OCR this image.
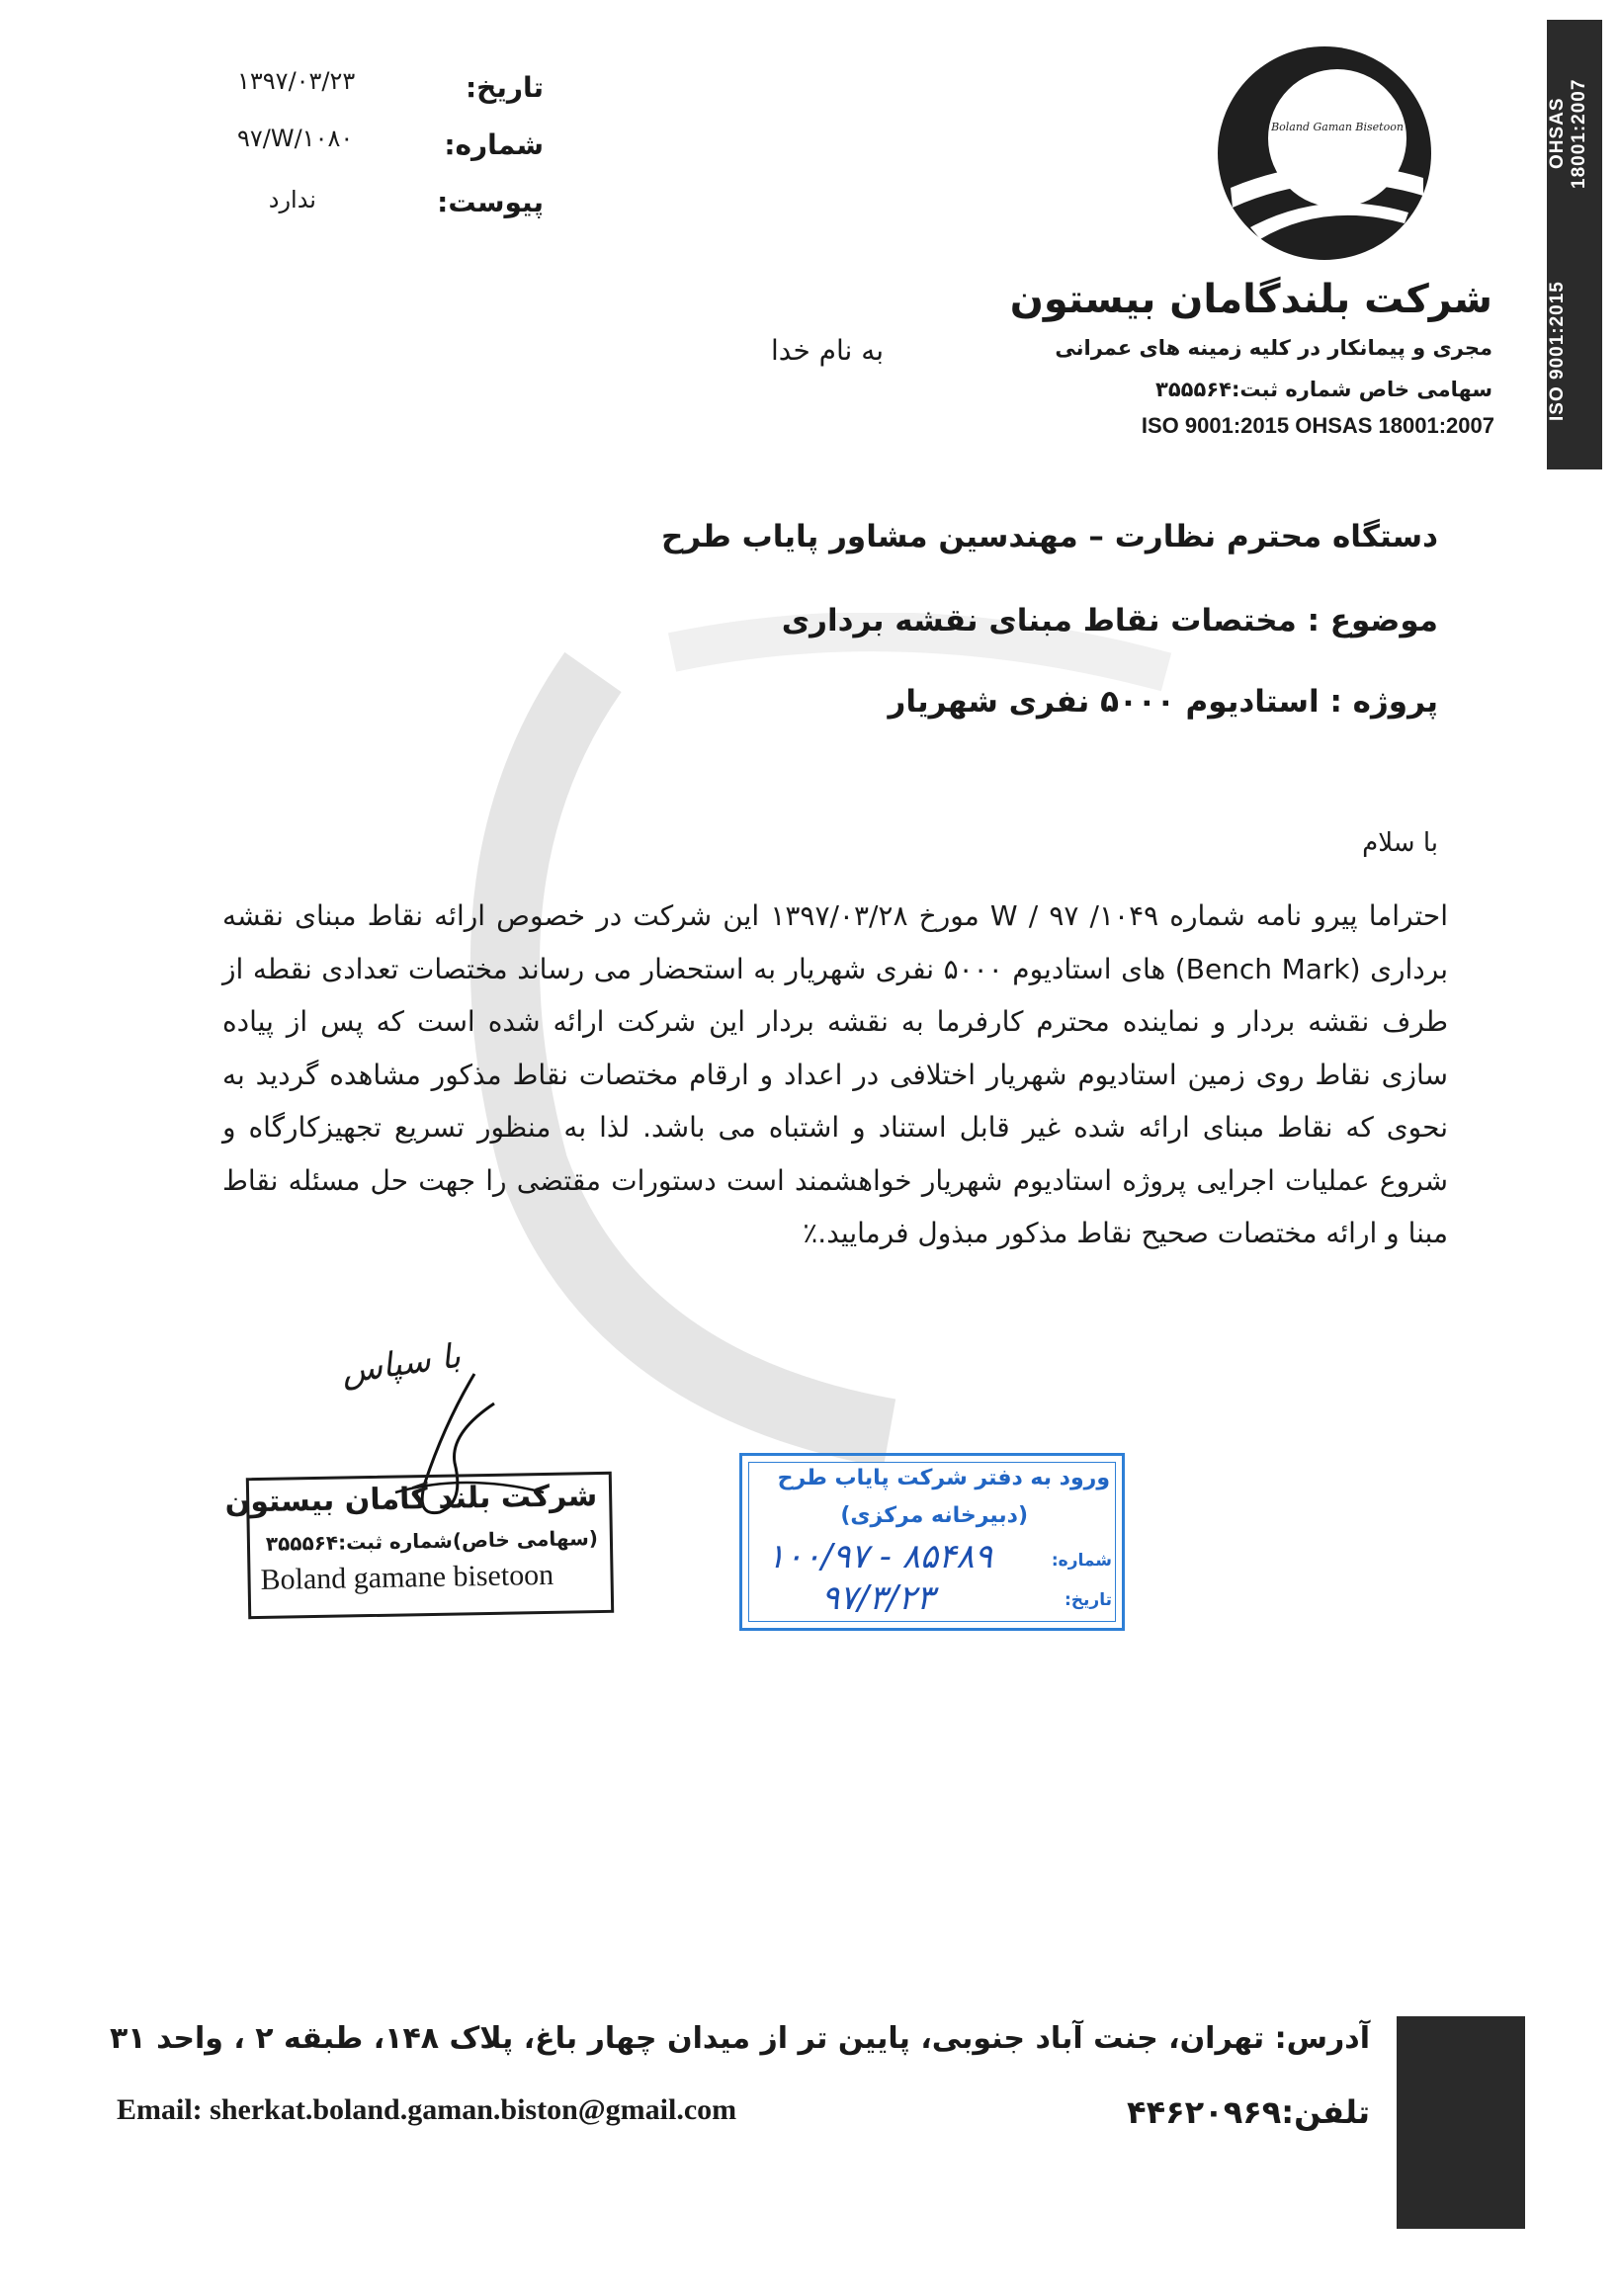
OHSAS 18001:2007
ISO 9001:2015
تاریخ:
۱۳۹۷/۰۳/۲۳
شماره:
۹۷/W/۱۰۸۰
پیوست:
ندارد
Boland Gaman Bisetoon
شرکت بلندگامان بیستون
مجری و پیمانکار در کلیه زمینه های عمرانی
سهامی خاص شماره ثبت:۳۵۵۵۶۴
ISO 9001:2015 OHSAS 18001:2007
به نام خدا
دستگاه محترم نظارت – مهندسین مشاور پایاب طرح
موضوع : مختصات نقاط مبنای نقشه برداری
پروژه : استادیوم ۵۰۰۰ نفری شهریار
با سلام
احتراما پیرو نامه شماره ۱۰۴۹/ W / ۹۷ مورخ ۱۳۹۷/۰۳/۲۸ این شرکت در خصوص ارائه نقاط مبنای نقشه برداری (Bench Mark) های استادیوم ۵۰۰۰ نفری شهریار به استحضار می رساند مختصات تعدادی نقطه از طرف نقشه بردار و نماینده محترم کارفرما به نقشه بردار این شرکت ارائه شده است که پس از پیاده سازی نقاط روی زمین استادیوم شهریار اختلافی در اعداد و ارقام مختصات نقاط مذکور مشاهده گردید به نحوی که نقاط مبنای ارائه شده غیر قابل استناد و اشتباه می باشد. لذا به منظور تسریع تجهیزکارگاه و شروع عملیات اجرایی پروژه استادیوم شهریار خواهشمند است دستورات مقتضی را جهت حل مسئله نقاط مبنا و ارائه مختصات صحیح نقاط مذکور مبذول فرمایید.٪
با سپاس
شرکت بلند گامان بیستون
(سهامی خاص)شماره ثبت:۳۵۵۵۶۴
Boland gamane bisetoon
ورود به دفتر شرکت پایاب طرح
(دبیرخانه مرکزی)
شماره:
۱۰۰/۹۷ - ۸۵۴۸۹
تاریخ:
۹۷/۳/۲۳
آدرس: تهران، جنت آباد جنوبی، پایین تر از میدان چهار باغ، پلاک ۱۴۸، طبقه ۲ ، واحد ۳۱
Email: sherkat.boland.gaman.biston@gmail.com	تلفن:۴۴۶۲۰۹۶۹
